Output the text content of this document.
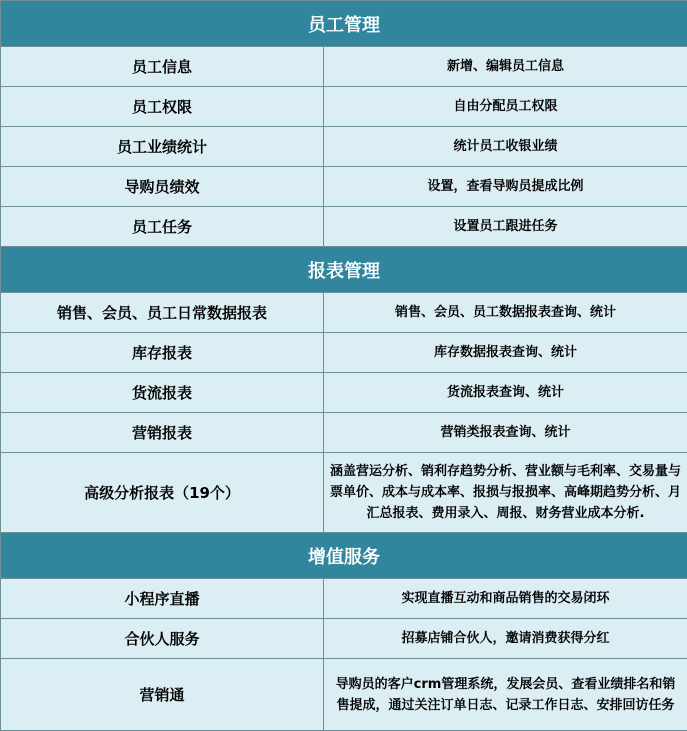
员工管理	
员工信息	新增、编辑员工信息
员工权限	自由分配员工权限
员工业绩统计	统计员工收银业绩
导购员绩效	设置，查看导购员提成比例
员工任务	设置员工跟进任务
报表管理	
销售、会员、员工日常数据报表	销售、会员、员工数据报表查询、统计
库存报表	库存数据报表查询、统计
货流报表	货流报表查询、统计
营销报表	营销类报表查询、统计
高级分析报表（19个）	涵盖营运分析、销利存趋势分析、营业额与毛利率、交易量与票单价、成本与成本率、报损与报损率、高峰期趋势分析、月汇总报表、费用录入、周报、财务营业成本分析.
增值服务	
小程序直播	实现直播互动和商品销售的交易闭环
合伙人服务	招募店铺合伙人，邀请消费获得分红
营销通	导购员的客户crm管理系统，发展会员、查看业绩排名和销售提成，通过关注订单日志、记录工作日志、安排回访任务
